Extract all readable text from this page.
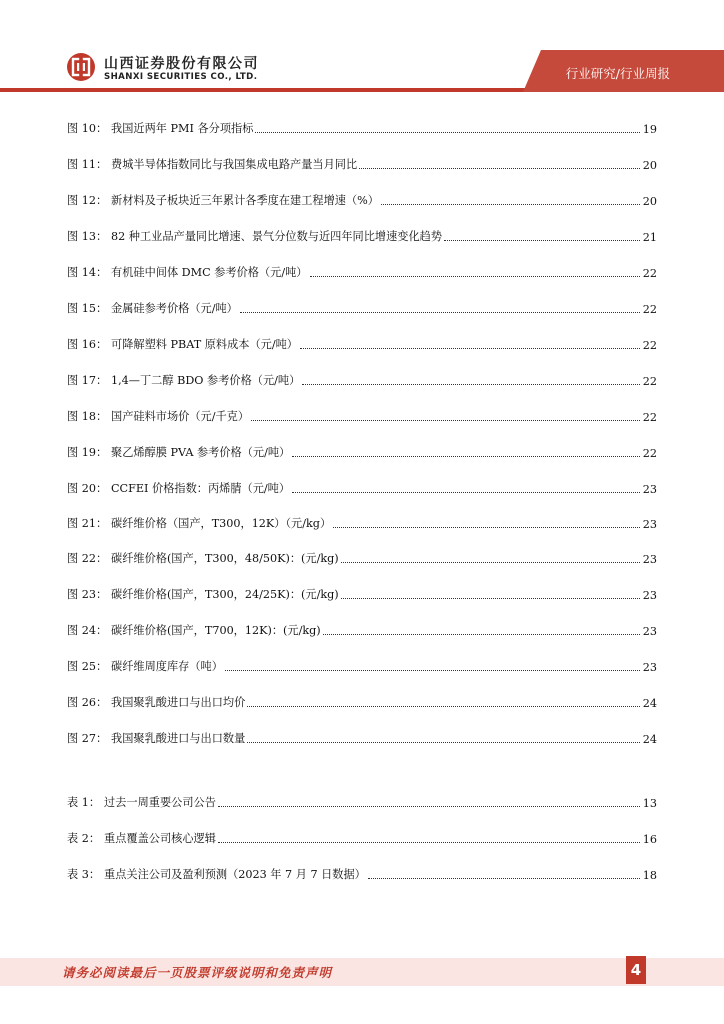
山西证券股份有限公司
SHANXI SECURITIES CO., LTD.	行业研究/行业周报
图 10： 我国近两年 PMI 各分项指标	19
图 11： 费城半导体指数同比与我国集成电路产量当月同比	20
图 12： 新材料及子板块近三年累计各季度在建工程增速（%）	20
图 13： 82 种工业品产量同比增速、景气分位数与近四年同比增速变化趋势	21
图 14： 有机硅中间体 DMC 参考价格（元/吨）	22
图 15： 金属硅参考价格（元/吨）	22
图 16： 可降解塑料 PBAT 原料成本（元/吨）	22
图 17： 1,4—丁二醇 BDO 参考价格（元/吨）	22
图 18： 国产硅料市场价（元/千克）	22
图 19： 聚乙烯醇膜 PVA 参考价格（元/吨）	22
图 20： CCFEI 价格指数：丙烯腈（元/吨）	23
图 21： 碳纤维价格（国产，T300，12K）（元/kg）	23
图 22： 碳纤维价格(国产，T300，48/50K)：(元/kg)	23
图 23： 碳纤维价格(国产，T300，24/25K)：(元/kg)	23
图 24： 碳纤维价格(国产，T700，12K)：(元/kg)	23
图 25： 碳纤维周度库存（吨）	23
图 26： 我国聚乳酸进口与出口均价	24
图 27： 我国聚乳酸进口与出口数量	24
表 1： 过去一周重要公司公告	13
表 2： 重点覆盖公司核心逻辑	16
表 3： 重点关注公司及盈利预测（2023 年 7 月 7 日数据）	18
请务必阅读最后一页股票评级说明和免责声明	4
